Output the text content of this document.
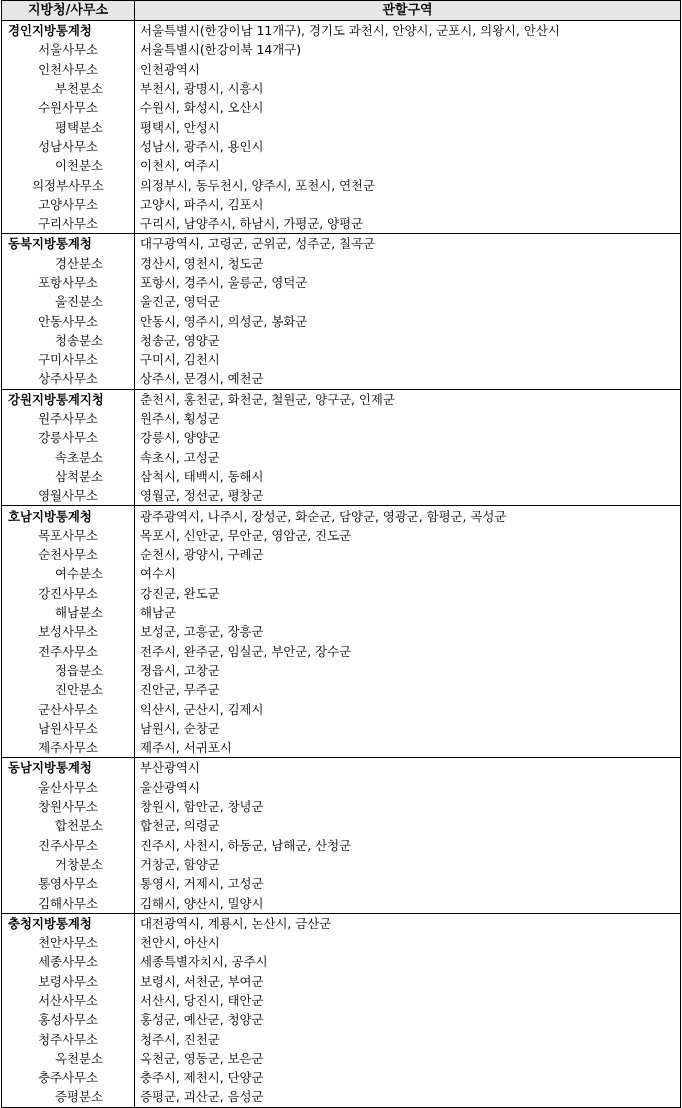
지방청/사무소	관할구역
경인지방통계청	서울특별시(한강이남 11개구), 경기도 과천시, 안양시, 군포시, 의왕시, 안산시
서울사무소	서울특별시(한강이북 14개구)
인천사무소	인천광역시
부천분소	부천시, 광명시, 시흥시
수원사무소	수원시, 화성시, 오산시
평택분소	평택시, 안성시
성남사무소	성남시, 광주시, 용인시
이천분소	이천시, 여주시
의정부사무소	의정부시, 동두천시, 양주시, 포천시, 연천군
고양사무소	고양시, 파주시, 김포시
구리사무소	구리시, 남양주시, 하남시, 가평군, 양평군
동북지방통계청	대구광역시, 고령군, 군위군, 성주군, 칠곡군
경산분소	경산시, 영천시, 청도군
포항사무소	포항시, 경주시, 울릉군, 영덕군
울진분소	울진군, 영덕군
안동사무소	안동시, 영주시, 의성군, 봉화군
청송분소	청송군, 영양군
구미사무소	구미시, 김천시
상주사무소	상주시, 문경시, 예천군
강원지방통계지청	춘천시, 홍천군, 화천군, 철원군, 양구군, 인제군
원주사무소	원주시, 횡성군
강릉사무소	강릉시, 양양군
속초분소	속초시, 고성군
삼척분소	삼척시, 태백시, 동해시
영월사무소	영월군, 정선군, 평창군
호남지방통계청	광주광역시, 나주시, 장성군, 화순군, 담양군, 영광군, 함평군, 곡성군
목포사무소	목포시, 신안군, 무안군, 영암군, 진도군
순천사무소	순천시, 광양시, 구례군
여수분소	여수시
강진사무소	강진군, 완도군
해남분소	해남군
보성사무소	보성군, 고흥군, 장흥군
전주사무소	전주시, 완주군, 임실군, 부안군, 장수군
정읍분소	정읍시, 고창군
진안분소	진안군, 무주군
군산사무소	익산시, 군산시, 김제시
남원사무소	남원시, 순창군
제주사무소	제주시, 서귀포시
동남지방통계청	부산광역시
울산사무소	울산광역시
창원사무소	창원시, 함안군, 창녕군
합천분소	합천군, 의령군
진주사무소	진주시, 사천시, 하동군, 남해군, 산청군
거창분소	거창군, 함양군
통영사무소	통영시, 거제시, 고성군
김해사무소	김해시, 양산시, 밀양시
충청지방통계청	대전광역시, 계룡시, 논산시, 금산군
천안사무소	천안시, 아산시
세종사무소	세종특별자치시, 공주시
보령사무소	보령시, 서천군, 부여군
서산사무소	서산시, 당진시, 태안군
홍성사무소	홍성군, 예산군, 청양군
청주사무소	청주시, 진천군
옥천분소	옥천군, 영동군, 보은군
충주사무소	충주시, 제천시, 단양군
증평분소	증평군, 괴산군, 음성군
